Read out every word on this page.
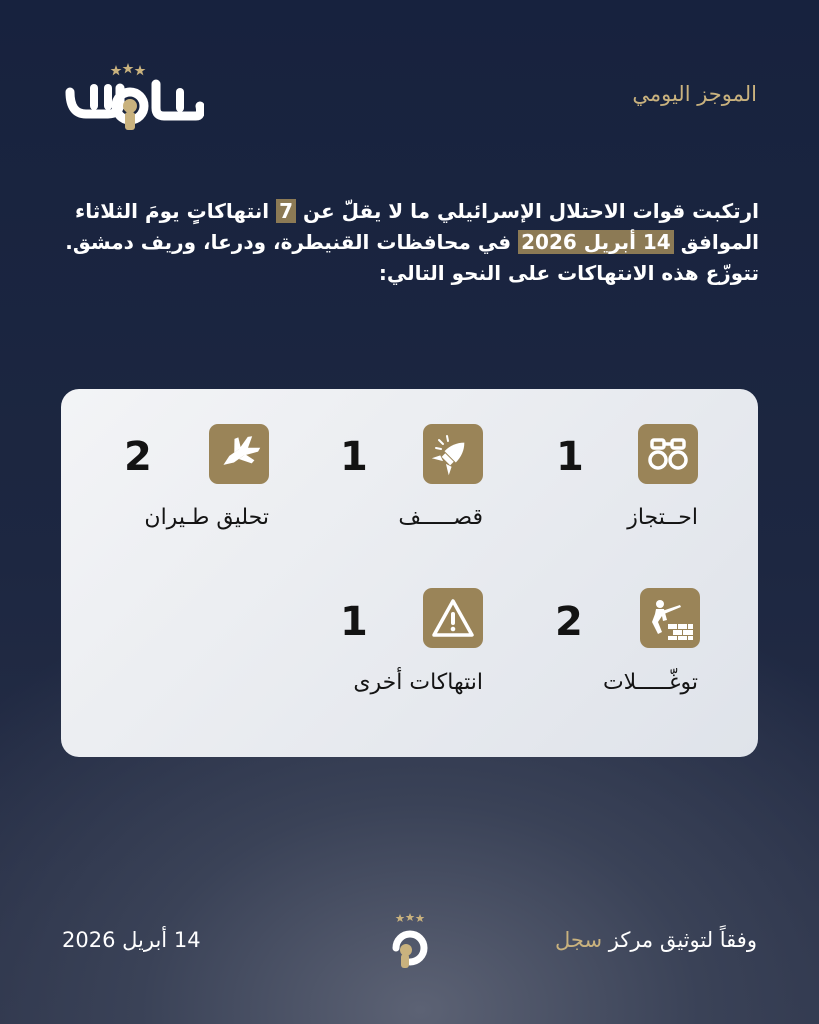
الموجز اليومي
ارتكبت قوات الاحتلال الإسرائيلي ما لا يقلّ عن 7 انتهاكاتٍ يومَ الثلاثاء الموافق 14 أبريل 2026 في محافظات القنيطرة، ودرعا، وريف دمشق. تتوزّع هذه الانتهاكات على النحو التالي:
1
احــتجاز
1
قصـــــف
2
تحليق طـيران
2
توغّـــــلات
1
انتهاكات أخرى
وفقاً لتوثيق مركز سجل
14 أبريل 2026
